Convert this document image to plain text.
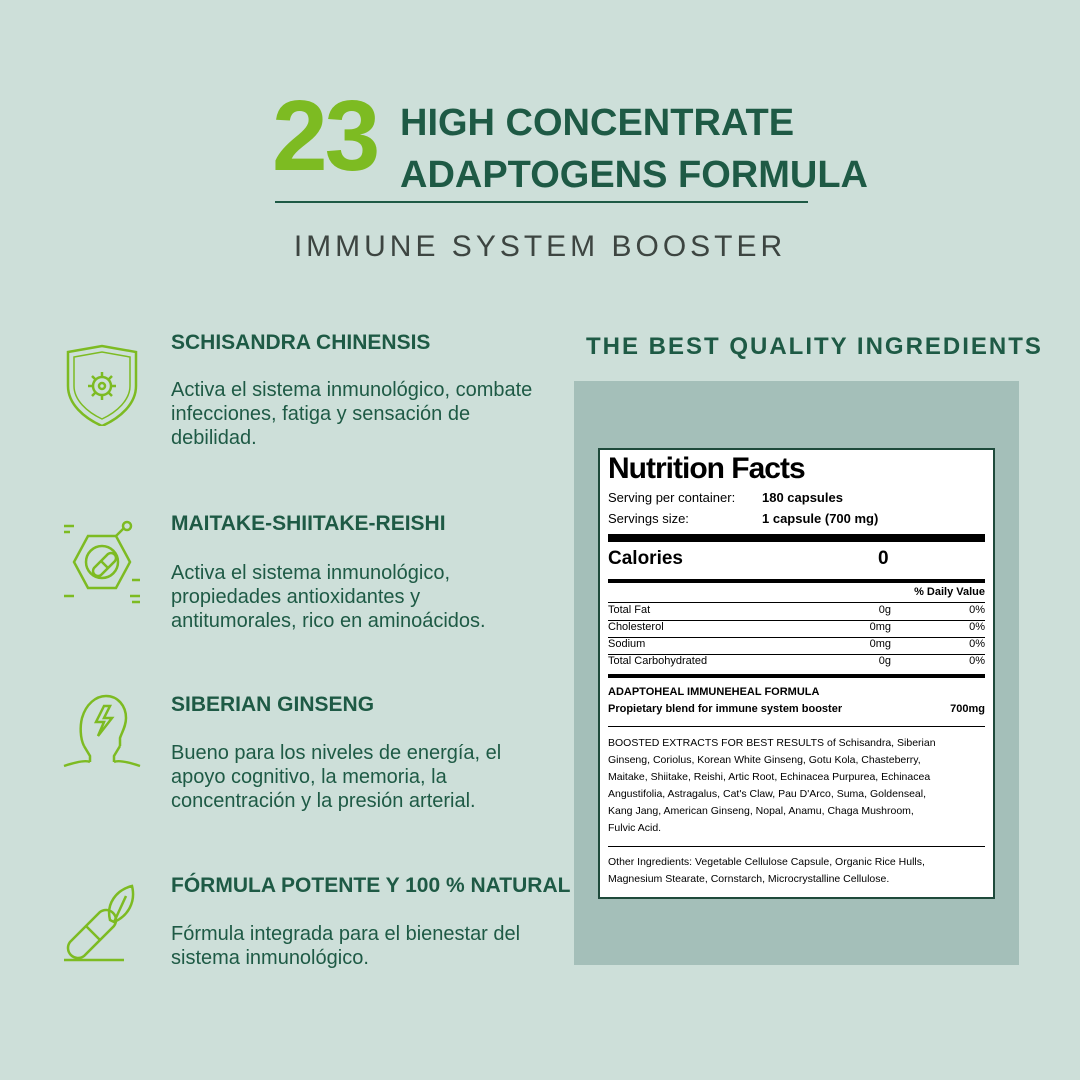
23 HIGH CONCENTRATE
ADAPTOGENS FORMULA
IMMUNE SYSTEM BOOSTER
SCHISANDRA CHINENSIS
Activa el sistema inmunológico, combate infecciones, fatiga y sensación de debilidad.
MAITAKE-SHIITAKE-REISHI
Activa el sistema inmunológico, propiedades antioxidantes y antitumorales, rico en aminoácidos.
SIBERIAN GINSENG
Bueno para los niveles de energía, el apoyo cognitivo, la memoria, la concentración y la presión arterial.
FÓRMULA POTENTE Y 100 % NATURAL
Fórmula integrada para el bienestar del sistema inmunológico.
THE BEST QUALITY INGREDIENTS
Nutrition Facts
Serving per container: 180 capsules
Servings size:	1 capsule (700 mg)
Calories	0
% Daily Value
Total Fat	0g	0%
Cholesterol	0mg	0%
Sodium	0mg	0%
Total Carbohydrated	0g	0%
ADAPTOHEAL IMMUNEHEAL FORMULA
Propietary blend for immune system booster	700mg
BOOSTED EXTRACTS FOR BEST RESULTS of Schisandra, Siberian
Ginseng, Coriolus, Korean White Ginseng, Gotu Kola, Chasteberry,
Maitake, Shiitake, Reishi, Artic Root, Echinacea Purpurea, Echinacea
Angustifolia, Astragalus, Cat's Claw, Pau D'Arco, Suma, Goldenseal,
Kang Jang, American Ginseng, Nopal, Anamu, Chaga Mushroom,
Fulvic Acid.
Other Ingredients: Vegetable Cellulose Capsule, Organic Rice Hulls,
Magnesium Stearate, Cornstarch, Microcrystalline Cellulose.
